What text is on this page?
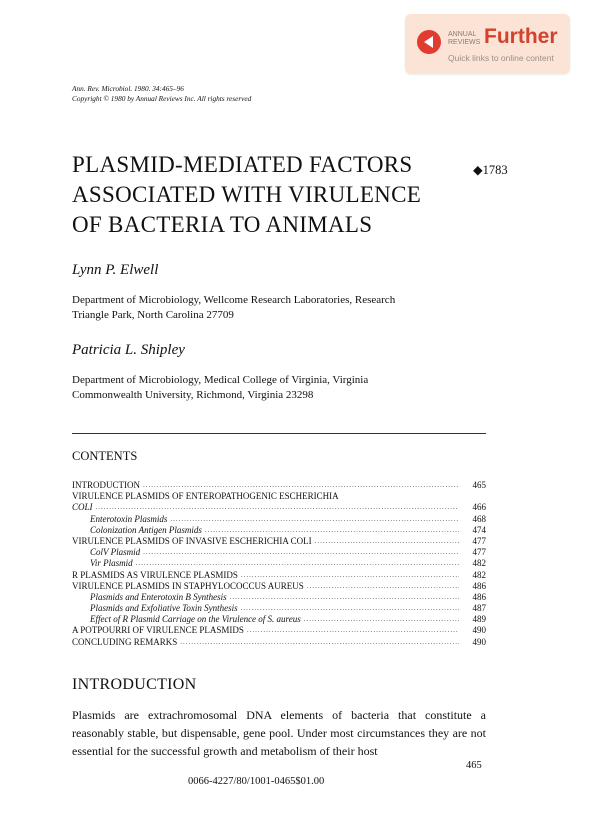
ANNUAL
REVIEWS Further
Quick links to online content
Ann. Rev. Microbiol. 1980. 34:465–96
Copyright © 1980 by Annual Reviews Inc. All rights reserved
PLASMID-MEDIATED FACTORS
ASSOCIATED WITH VIRULENCE
OF BACTERIA TO ANIMALS
◆1783
Lynn P. Elwell
Department of Microbiology, Wellcome Research Laboratories, Research
Triangle Park, North Carolina 27709
Patricia L. Shipley
Department of Microbiology, Medical College of Virginia, Virginia
Commonwealth University, Richmond, Virginia 23298
CONTENTS
INTRODUCTION .....	465
VIRULENCE PLASMIDS OF ENTEROPATHOGENIC ESCHERICHIA
COLI .....	466
Enterotoxin Plasmids .....	468
Colonization Antigen Plasmids .....	474
VIRULENCE PLASMIDS OF INVASIVE ESCHERICHIA COLI .....	477
ColV Plasmid .....	477
Vir Plasmid .....	482
R PLASMIDS AS VIRULENCE PLASMIDS .....	482
VIRULENCE PLASMIDS IN STAPHYLOCOCCUS AUREUS .....	486
Plasmids and Enterotoxin B Synthesis .....	486
Plasmids and Exfoliative Toxin Synthesis .....	487
Effect of R Plasmid Carriage on the Virulence of S. aureus .....	489
A POTPOURRI OF VIRULENCE PLASMIDS .....	490
CONCLUDING REMARKS .....	490
INTRODUCTION
Plasmids are extrachromosomal DNA elements of bacteria that constitute a reasonably stable, but dispensable, gene pool. Under most circumstances they are not essential for the successful growth and metabolism of their host
465
0066-4227/80/1001-0465$01.00
